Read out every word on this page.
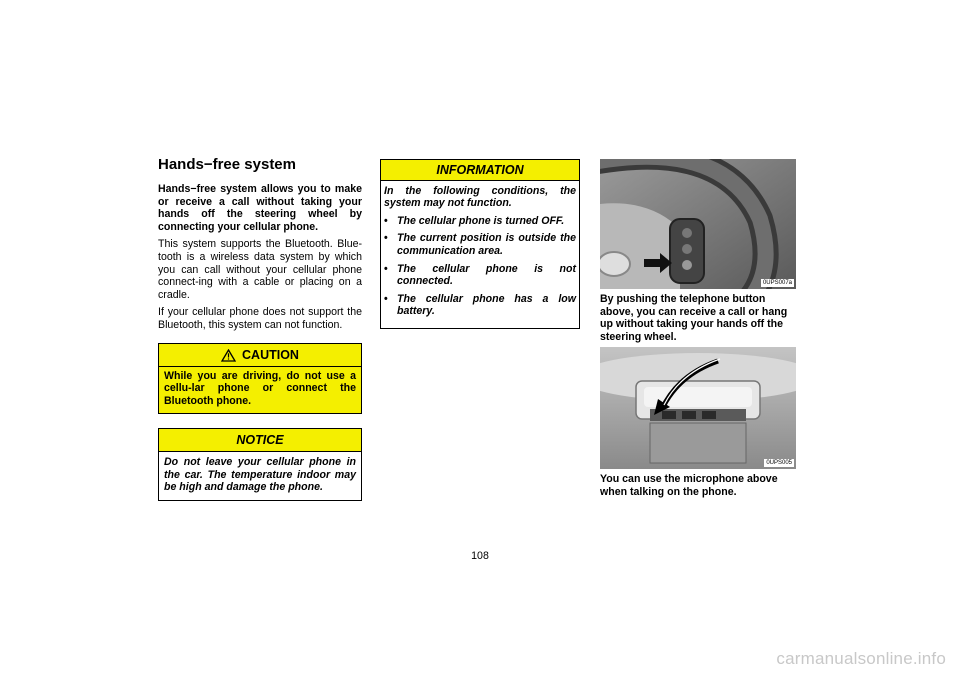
Hands−free system

Hands−free system allows you to make or receive a call without taking your hands off the steering wheel by connecting your cellular phone.

This system supports the Bluetooth. Blue-tooth is a wireless data system by which you can call without your cellular phone connect-ing with a cable or placing on a cradle.

If your cellular phone does not support the Bluetooth, this system can not function.

CAUTION
While you are driving, do not use a cellu-lar phone or connect the Bluetooth phone.
NOTICE
Do not leave your cellular phone in the car. The temperature indoor may be high and damage the phone.
INFORMATION

In the following conditions, the system may not function.

• The cellular phone is turned OFF.
• The current position is outside the communication area.
• The cellular phone is not connected.
• The cellular phone has a low battery.
0UPS007a

By pushing the telephone button above, you can receive a call or hang up without taking your hands off the steering wheel.

0UPS005

You can use the microphone above when talking on the phone.

108
carmanualsonline.info
